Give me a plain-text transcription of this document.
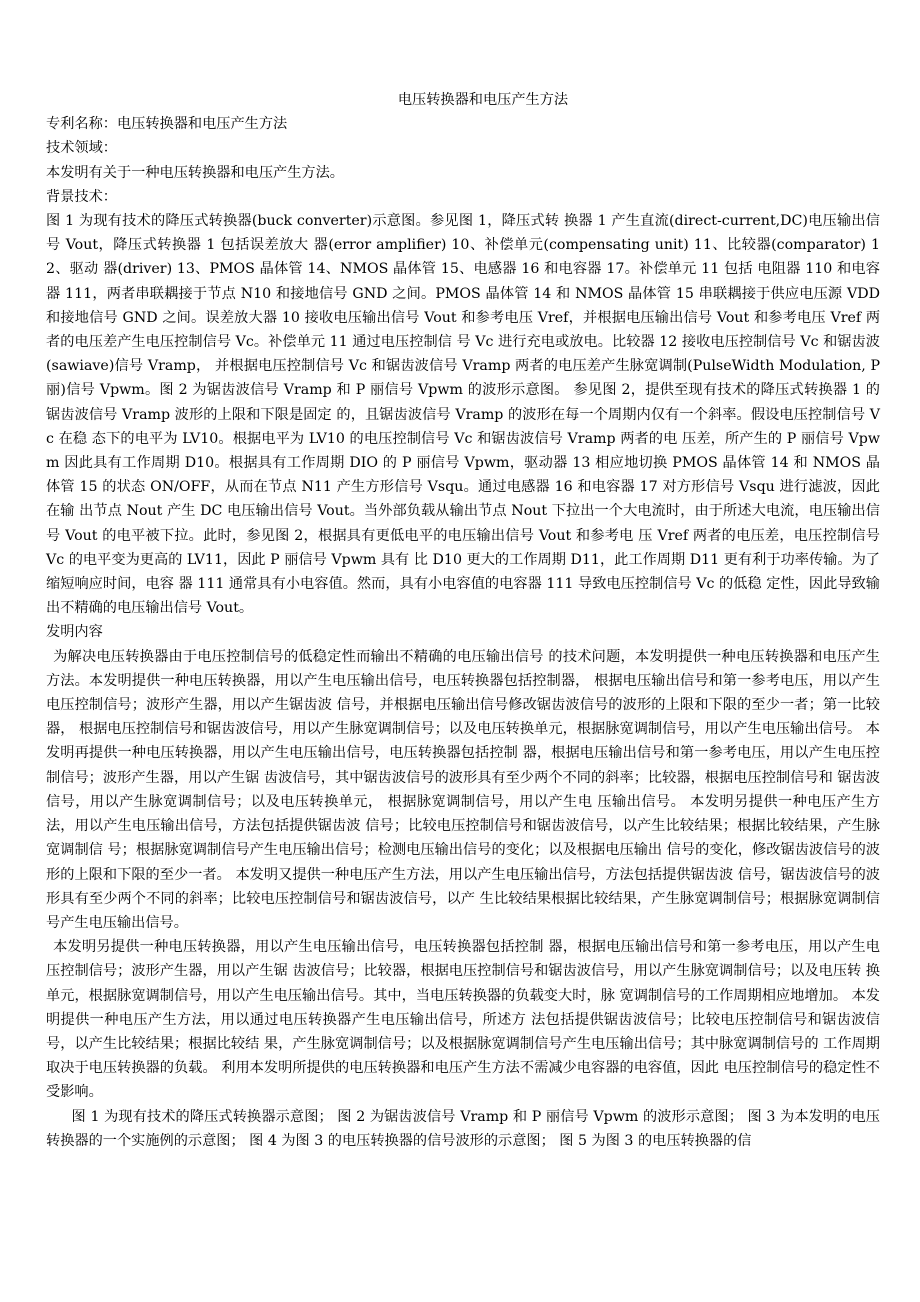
电压转换器和电压产生方法

专利名称：电压转换器和电压产生方法

技术领域：

本发明有关于一种电压转换器和电压产生方法。

背景技术：

图 1 为现有技术的降压式转换器(buck converter)示意图。参见图 1，降压式转 换器 1 产生直流(direct-current,DC)电压输出信号 Vout，降压式转换器 1 包括误差放大 器(error amplifier) 10、补偿单元(compensating unit) 11、比较器(comparator) 12、驱动 器(driver) 13、PMOS 晶体管 14、NMOS 晶体管 15、电感器 16 和电容器 17。补偿单元 11 包括 电阻器 110 和电容器 111，两者串联耦接于节点 N10 和接地信号 GND 之间。PMOS 晶体管 14 和 NMOS 晶体管 15 串联耦接于供应电压源 VDD 和接地信号 GND 之间。误差放大器 10 接收电压输出信号 Vout 和参考电压 Vref，并根据电压输出信号 Vout 和参考电压 Vref 两者的电压差产生电压控制信号 Vc。补偿单元 11 通过电压控制信 号 Vc 进行充电或放电。比较器 12 接收电压控制信号 Vc 和锯齿波(sawiave)信号 Vramp， 并根据电压控制信号 Vc 和锯齿波信号 Vramp 两者的电压差产生脉宽调制(PulseWidth Modulation, P 丽)信号 Vpwm。图 2 为锯齿波信号 Vramp 和 P 丽信号 Vpwm 的波形示意图。 参见图 2，提供至现有技术的降压式转换器 1 的锯齿波信号 Vramp 波形的上限和下限是固定 的，且锯齿波信号 Vramp 的波形在每一个周期内仅有一个斜率。假设电压控制信号 Vc 在稳 态下的电平为 LV10。根据电平为 LV10 的电压控制信号 Vc 和锯齿波信号 Vramp 两者的电 压差，所产生的 P 丽信号 Vpwm 因此具有工作周期 D10。根据具有工作周期 DIO 的 P 丽信号 Vpwm，驱动器 13 相应地切换 PMOS 晶体管 14 和 NMOS 晶体管 15 的状态 ON/OFF，从而在节点 N11 产生方形信号 Vsqu。通过电感器 16 和电容器 17 对方形信号 Vsqu 进行滤波，因此在输 出节点 Nout 产生 DC 电压输出信号 Vout。当外部负载从输出节点 Nout 下拉出一个大电流时，由于所述大电流，电压输出信 号 Vout 的电平被下拉。此时，参见图 2，根据具有更低电平的电压输出信号 Vout 和参考电 压 Vref 两者的电压差，电压控制信号 Vc 的电平变为更高的 LV11，因此 P 丽信号 Vpwm 具有 比 D10 更大的工作周期 D11，此工作周期 D11 更有利于功率传输。为了缩短响应时间，电容 器 111 通常具有小电容值。然而，具有小电容值的电容器 111 导致电压控制信号 Vc 的低稳 定性，因此导致输出不精确的电压输出信号 Vout。

发明内容

为解决电压转换器由于电压控制信号的低稳定性而输出不精确的电压输出信号 的技术问题，本发明提供一种电压转换器和电压产生方法。本发明提供一种电压转换器，用以产生电压输出信号，电压转换器包括控制器， 根据电压输出信号和第一参考电压，用以产生电压控制信号；波形产生器，用以产生锯齿波 信号，并根据电压输出信号修改锯齿波信号的波形的上限和下限的至少一者；第一比较器， 根据电压控制信号和锯齿波信号，用以产生脉宽调制信号；以及电压转换单元，根据脉宽调制信号，用以产生电压输出信号。 本发明再提供一种电压转换器，用以产生电压输出信号，电压转换器包括控制 器，根据电压输出信号和第一参考电压，用以产生电压控制信号；波形产生器，用以产生锯 齿波信号，其中锯齿波信号的波形具有至少两个不同的斜率；比较器，根据电压控制信号和 锯齿波信号，用以产生脉宽调制信号；以及电压转换单元， 根据脉宽调制信号，用以产生电 压输出信号。 本发明另提供一种电压产生方法，用以产生电压输出信号，方法包括提供锯齿波 信号；比较电压控制信号和锯齿波信号，以产生比较结果；根据比较结果，产生脉宽调制信 号；根据脉宽调制信号产生电压输出信号；检测电压输出信号的变化；以及根据电压输出 信号的变化，修改锯齿波信号的波形的上限和下限的至少一者。 本发明又提供一种电压产生方法，用以产生电压输出信号，方法包括提供锯齿波 信号，锯齿波信号的波形具有至少两个不同的斜率；比较电压控制信号和锯齿波信号，以产 生比较结果根据比较结果，产生脉宽调制信号；根据脉宽调制信号产生电压输出信号。

本发明另提供一种电压转换器，用以产生电压输出信号，电压转换器包括控制 器，根据电压输出信号和第一参考电压，用以产生电压控制信号；波形产生器，用以产生锯 齿波信号；比较器，根据电压控制信号和锯齿波信号，用以产生脉宽调制信号；以及电压转 换单元，根据脉宽调制信号，用以产生电压输出信号。其中，当电压转换器的负载变大时，脉 宽调制信号的工作周期相应地增加。 本发明提供一种电压产生方法，用以通过电压转换器产生电压输出信号，所述方 法包括提供锯齿波信号；比较电压控制信号和锯齿波信号，以产生比较结果；根据比较结 果，产生脉宽调制信号；以及根据脉宽调制信号产生电压输出信号；其中脉宽调制信号的 工作周期取决于电压转换器的负载。 利用本发明所提供的电压转换器和电压产生方法不需减少电容器的电容值，因此 电压控制信号的稳定性不受影响。

图 1 为现有技术的降压式转换器示意图； 图 2 为锯齿波信号 Vramp 和 P 丽信号 Vpwm 的波形示意图； 图 3 为本发明的电压转换器的一个实施例的示意图； 图 4 为图 3 的电压转换器的信号波形的示意图； 图 5 为图 3 的电压转换器的信
